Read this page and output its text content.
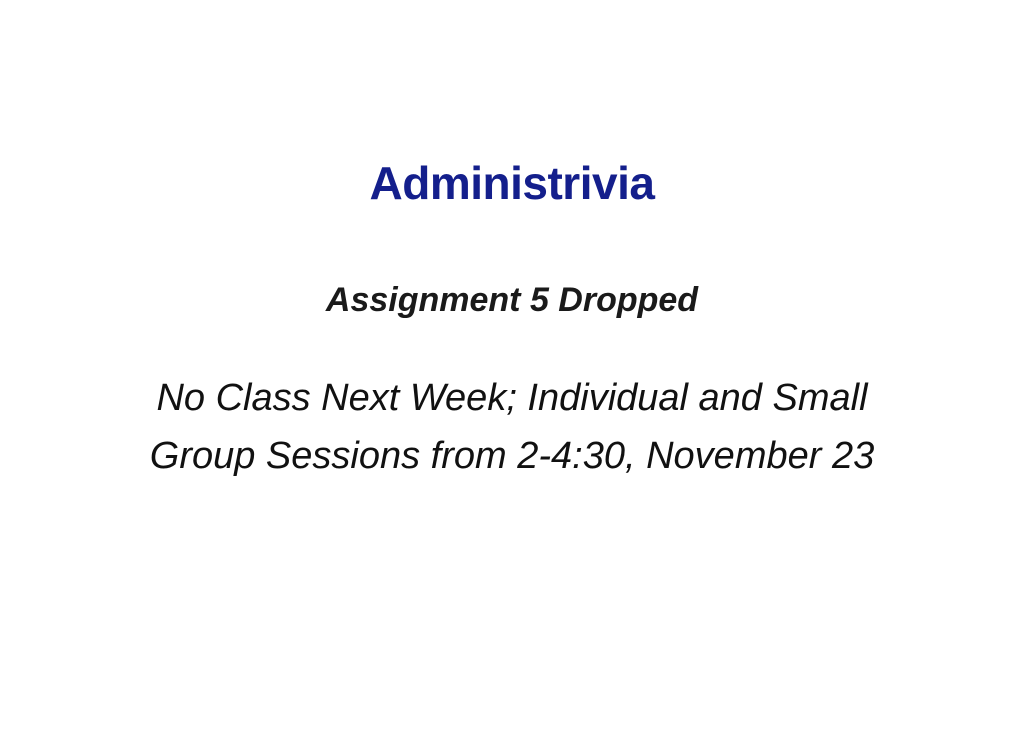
Administrivia
Assignment 5 Dropped
No Class Next Week; Individual and Small Group Sessions from 2-4:30, November 23
